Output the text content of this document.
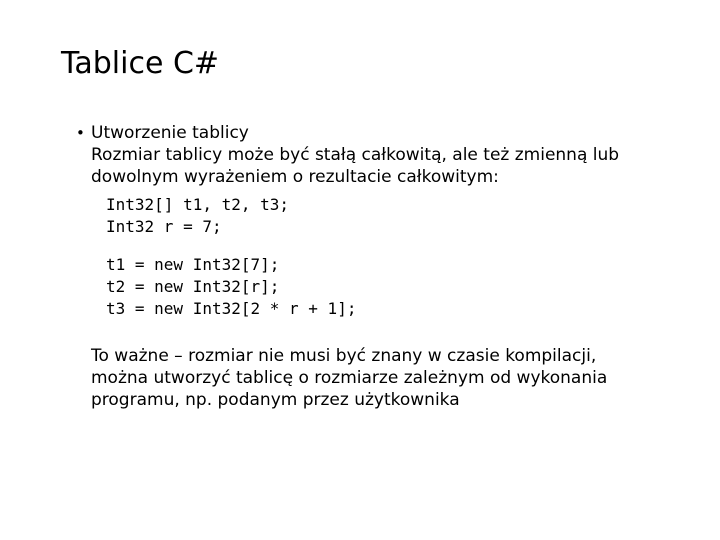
Tablice C#
• Utworzenie tablicy
Rozmiar tablicy może być stałą całkowitą, ale też zmienną lub
dowolnym wyrażeniem o rezultacie całkowitym:
Int32[] t1, t2, t3;
Int32 r = 7;
t1 = new Int32[7];
t2 = new Int32[r];
t3 = new Int32[2 * r + 1];
To ważne – rozmiar nie musi być znany w czasie kompilacji,
można utworzyć tablicę o rozmiarze zależnym od wykonania
programu, np. podanym przez użytkownika
